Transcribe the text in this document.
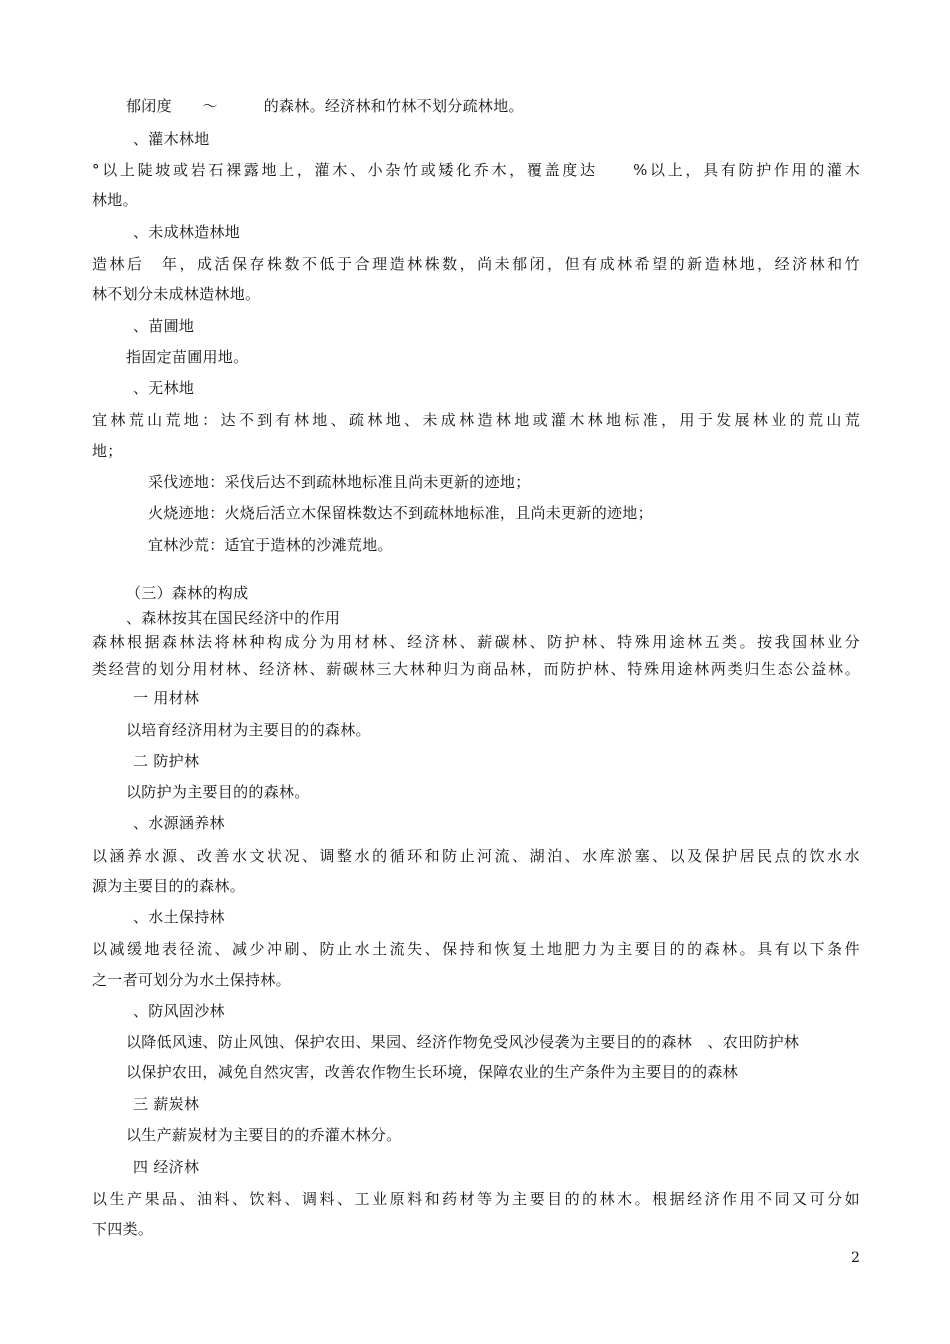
郁闭度　　～　　　的森林。经济林和竹林不划分疏林地。
、灌木林地
°以上陡坡或岩石裸露地上，灌木、小杂竹或矮化乔木，覆盖度达　　%以上，具有防护作用的灌木
林地。
、未成林造林地
造林后　年，成活保存株数不低于合理造林株数，尚未郁闭，但有成林希望的新造林地，经济林和竹
林不划分未成林造林地。
、苗圃地
指固定苗圃用地。
、无林地
宜林荒山荒地：达不到有林地、疏林地、未成林造林地或灌木林地标准，用于发展林业的荒山荒
地；
采伐迹地：采伐后达不到疏林地标准且尚未更新的迹地；
火烧迹地：火烧后活立木保留株数达不到疏林地标准，且尚未更新的迹地；
宜林沙荒：适宜于造林的沙滩荒地。
（三）森林的构成
、森林按其在国民经济中的作用
森林根据森林法将林种构成分为用材林、经济林、薪碳林、防护林、特殊用途林五类。按我国林业分
类经营的划分用材林、经济林、薪碳林三大林种归为商品林，而防护林、特殊用途林两类归生态公益林。
一 用材林
以培育经济用材为主要目的的森林。
二 防护林
以防护为主要目的的森林。
、水源涵养林
以涵养水源、改善水文状况、调整水的循环和防止河流、湖泊、水库淤塞、以及保护居民点的饮水水
源为主要目的的森林。
、水土保持林
以减缓地表径流、减少冲刷、防止水土流失、保持和恢复土地肥力为主要目的的森林。具有以下条件
之一者可划分为水土保持林。
、防风固沙林
以降低风速、防止风蚀、保护农田、果园、经济作物免受风沙侵袭为主要目的的森林　、农田防护林
以保护农田，减免自然灾害，改善农作物生长环境，保障农业的生产条件为主要目的的森林
三 薪炭林
以生产薪炭材为主要目的的乔灌木林分。
四 经济林
以生产果品、油料、饮料、调料、工业原料和药材等为主要目的的林木。根据经济作用不同又可分如
下四类。
2
